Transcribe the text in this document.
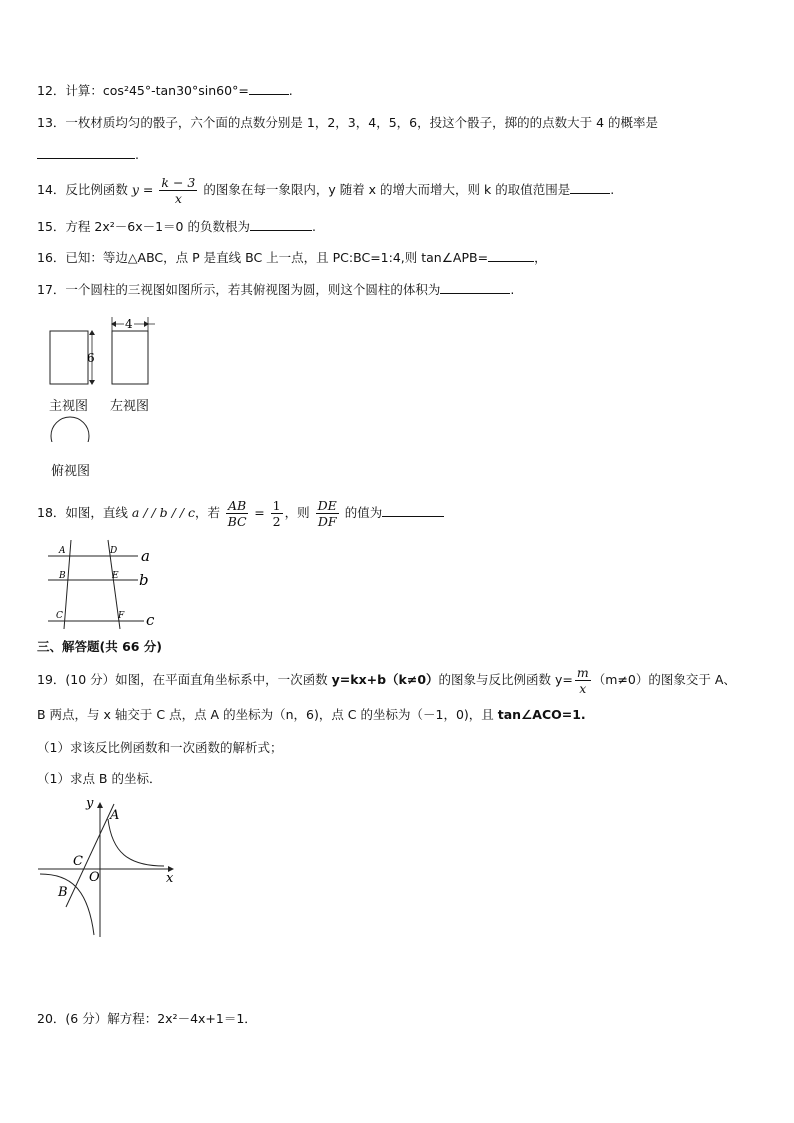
12．计算：cos²45°-tan30°sin60°=	.
13．一枚材质均匀的骰子，六个面的点数分别是 1，2，3，4，5，6，投这个骰子，掷的的点数大于 4 的概率是
.
14．反比例函数 $y = \frac{k - 3}{x}$ 的图象在每一象限内，y 随着 x 的增大而增大，则 k 的取值范围是	.
15．方程 2x²－6x－1＝0 的负数根为	.
16．已知：等边△ABC，点 P 是直线 BC 上一点，且 PC:BC=1:4,则 tan∠APB=	，
17．一个圆柱的三视图如图所示，若其俯视图为圆，则这个圆柱的体积为	.
6
4
主视图 左视图
俯视图
18．如图，直线 a / / b / / c，若 $\frac{AB}{BC} = \frac{1}{2}$ ，则 $\frac{DE}{DF}$ 的值为
A
B
C
D
E
F
a
b
c
三、解答题(共 66 分)
19．(10 分）如图，在平面直角坐标系中，一次函数 y=kx+b（k≠0）的图象与反比例函数 $y= \frac{m}{x} (m\ne 0)$的图象交于 A、
B 两点，与 x 轴交于 C 点，点 A 的坐标为（n，6)，点 C 的坐标为（－1，0)，且 tan∠ACO=1.
（1）求该反比例函数和一次函数的解析式；
（1）求点 B 的坐标．
y
x
O
A
B
C
20．(6 分）解方程：2x²－4x+1＝1．
